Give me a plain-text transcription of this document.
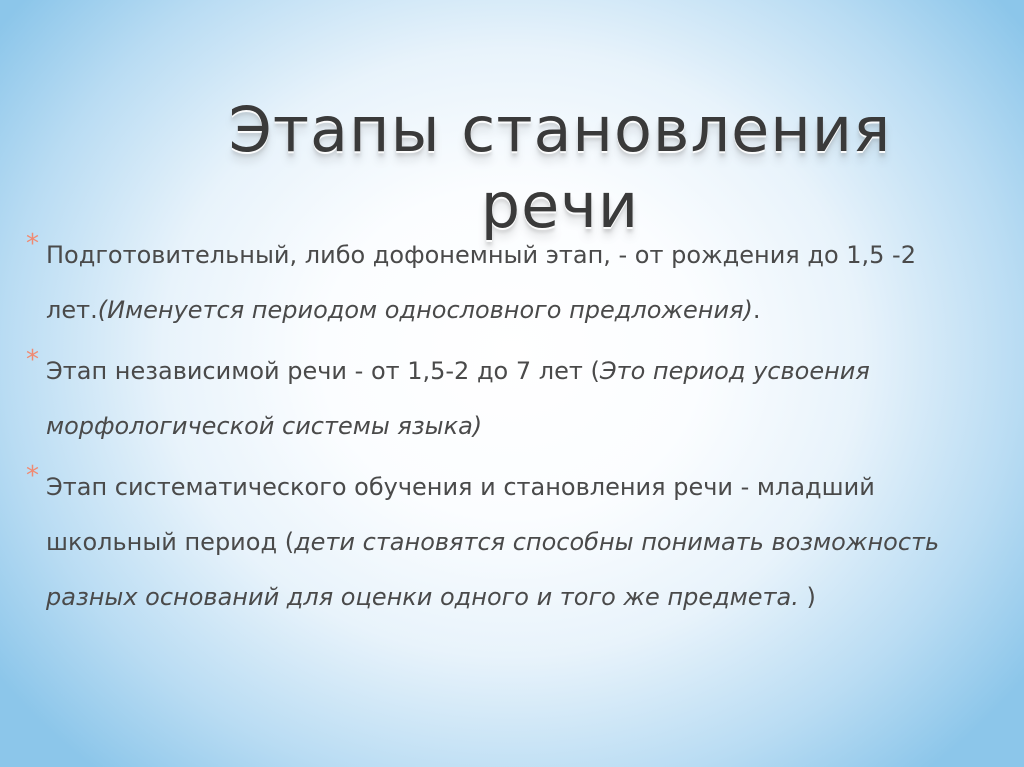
Этапы становления
речи
* Подготовительный, либо дофонемный этап, - от рождения до 1,5 -2 лет.(Именуется периодом однословного предложения).
* Этап независимой речи - от 1,5-2 до 7 лет (Это период усвоения морфологической системы языка)
* Этап систематического обучения и становления речи - младший школьный период (дети становятся способны понимать возможность разных оснований для оценки одного и того же предмета. )
